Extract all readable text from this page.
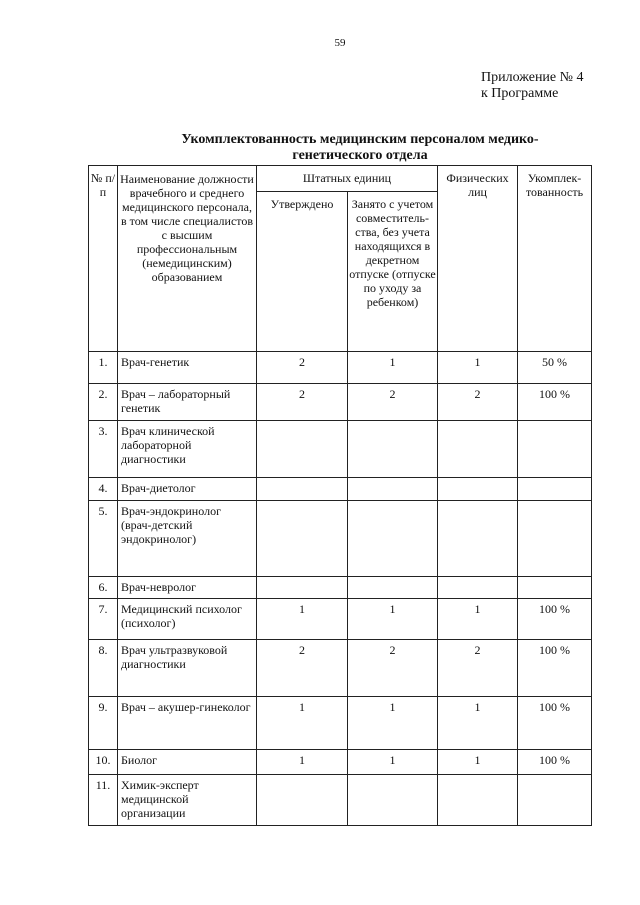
59
Приложение № 4
к Программе
Укомплектованность медицинским персоналом медико-
генетического отдела
№ п/п	Наименование должности врачебного и среднего медицинского персонала, в том числе специалистов с высшим профессиональным (немедицинским) образованием	Штатных единиц		Физических лиц	Укомплек-тованность

		Утверждено	Занято с учетом совместитель-ства, без учета находящихся в декретном отпуске (отпуске по уходу за ребенком)		

1.	Врач-генетик	2	1	1	50 %

2.	Врач – лабораторный генетик	2	2	2	100 %

3.	Врач клинической лабораторной диагностики				

4.	Врач-диетолог				

5.	Врач-эндокринолог (врач-детский эндокринолог)				

6.	Врач-невролог				

7.	Медицинский психолог (психолог)	1	1	1	100 %

8.	Врач ультразвуковой диагностики	2	2	2	100 %

9.	Врач – акушер-гинеколог	1	1	1	100 %

10.	Биолог	1	1	1	100 %

11.	Химик-эксперт медицинской организации				
